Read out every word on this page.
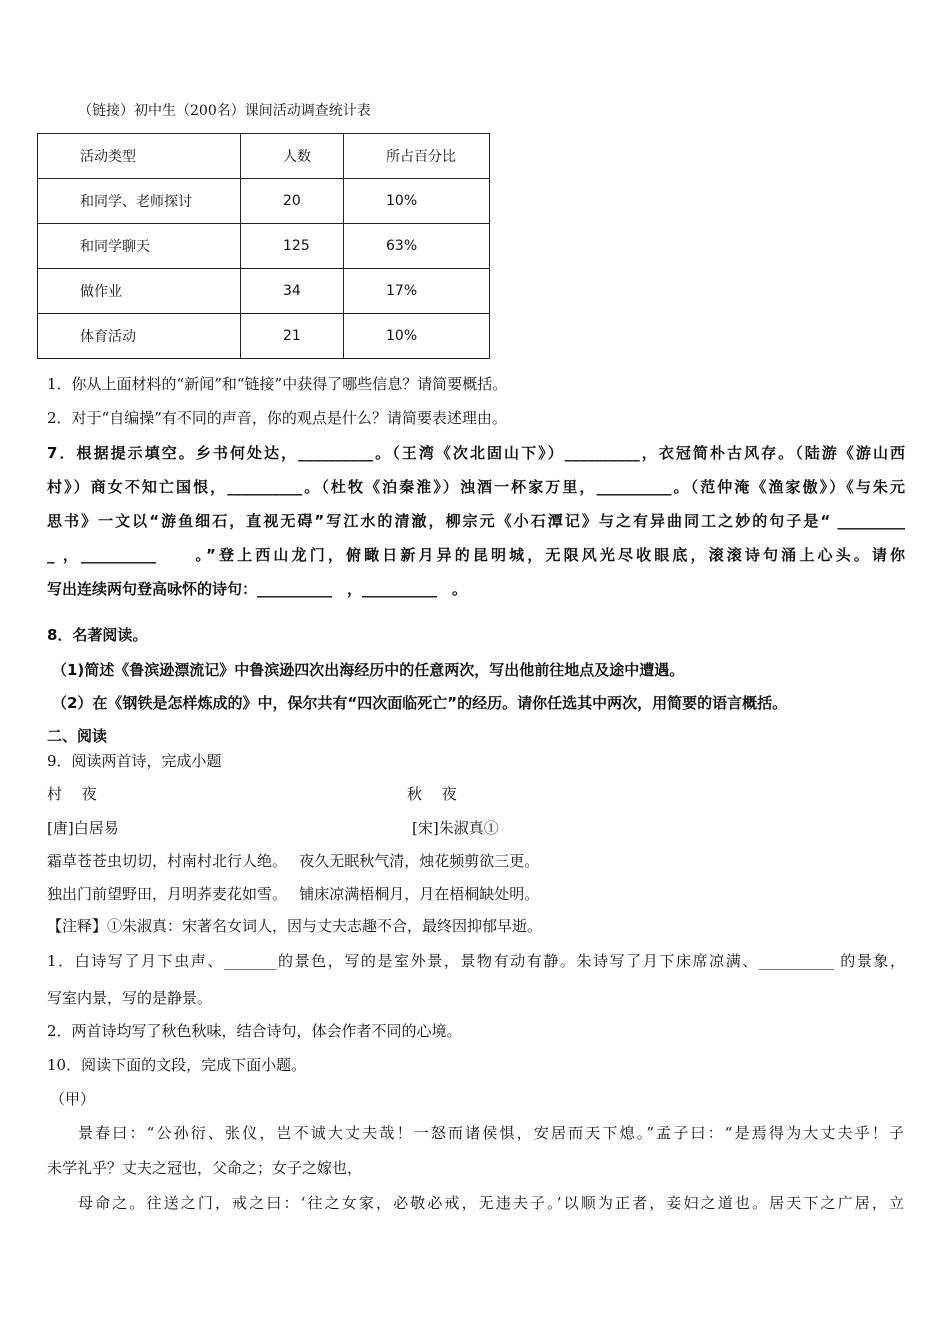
（链接）初中生（200名）课间活动调查统计表
活动类型	人数	所占百分比
和同学、老师探讨	20	10%
和同学聊天	125	63%
做作业	34	17%
体育活动	21	10%
1．你从上面材料的“新闻”和“链接”中获得了哪些信息？请简要概括。
2．对于“自编操”有不同的声音，你的观点是什么？请简要表述理由。
7．根据提示填空。乡书何处达，__________。（王湾《次北固山下》）__________，衣冠简朴古风存。（陆游《游山西
村》）商女不知亡国恨，__________。（杜牧《泊秦淮》）浊酒一杯家万里，__________。（范仲淹《渔家傲》）《与朱元
思书》一文以“游鱼细石，直视无碍”写江水的清澈，柳宗元《小石潭记》与之有异曲同工之妙的句子是“ _________
_ ，__________　　。”登上西山龙门，俯瞰日新月异的昆明城，无限风光尽收眼底，滚滚诗句涌上心头。请你
写出连续两句登高咏怀的诗句：__________　，__________　。
8．名著阅读。
（1)简述《鲁滨逊漂流记》中鲁滨逊四次出海经历中的任意两次，写出他前往地点及途中遭遇。
（2）在《钢铁是怎样炼成的》中，保尔共有“四次面临死亡”的经历。请你任选其中两次，用简要的语言概括。
二、阅读
9．阅读两首诗，完成小题
村　 夜	秋　 夜
[唐]白居易	[宋]朱淑真①
霜草苍苍虫切切，村南村北行人绝。　 夜久无眠秋气清，烛花频剪欲三更。
独出门前望野田，月明荞麦花如雪。　 铺床凉满梧桐月，月在梧桐缺处明。
【注释】①朱淑真：宋著名女词人，因与丈夫志趣不合，最终因抑郁早逝。
1．白诗写了月下虫声、_______的景色，写的是室外景，景物有动有静。朱诗写了月下床席凉满、__________ 的景象，
写室内景，写的是静景。
2．两首诗均写了秋色秋味，结合诗句，体会作者不同的心境。
10．阅读下面的文段，完成下面小题。
（甲）
景春曰：“公孙衍、张仪，岂不诚大丈夫哉！一怒而诸侯惧，安居而天下熄。”孟子曰：“是焉得为大丈夫乎！子
未学礼乎？丈夫之冠也，父命之；女子之嫁也，
母命之。往送之门，戒之曰：‘往之女家，必敬必戒，无违夫子。’以顺为正者，妾妇之道也。居天下之广居，立
